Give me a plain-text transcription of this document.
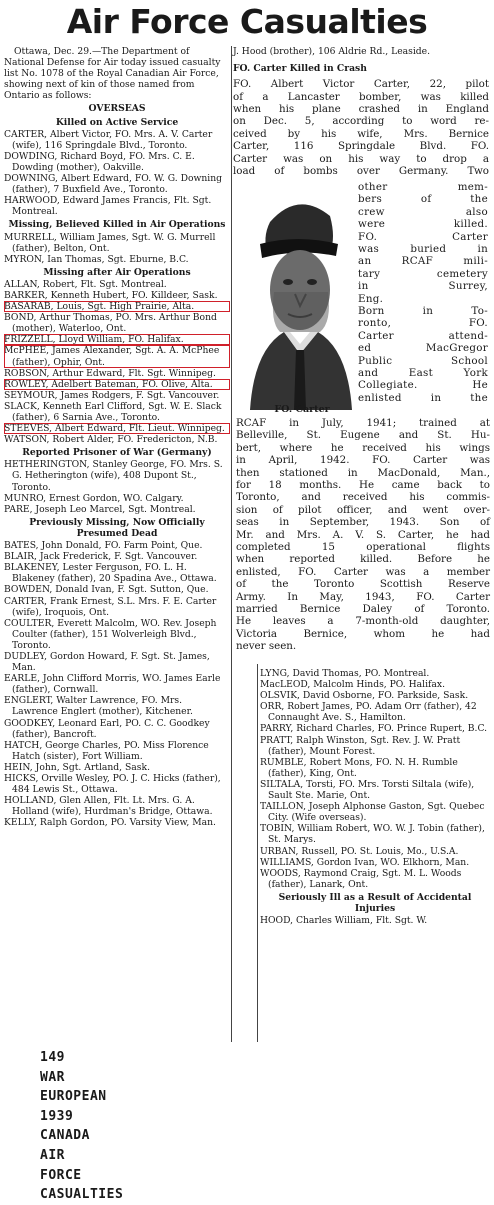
Air Force Casualties

Ottawa, Dec. 29.—The Department of National Defense for Air today issued casualty list No. 1078 of the Royal Canadian Air Force, showing next of kin of those named from Ontario as follows:

OVERSEAS

Killed on Active Service

CARTER, Albert Victor, FO. Mrs. A. V. Carter (wife), 116 Springdale Blvd., Toronto.

DOWDING, Richard Boyd, FO. Mrs. C. E. Dowding (mother), Oakville.

DOWNING, Albert Edward, FO. W. G. Downing (father), 7 Buxfield Ave., Toronto.

HARWOOD, Edward James Francis, Flt. Sgt. Montreal.

Missing, Believed Killed in Air Operations

MURRELL, William James, Sgt. W. G. Murrell (father), Belton, Ont.

MYRON, Ian Thomas, Sgt. Eburne, B.C.

Missing after Air Operations

ALLAN, Robert, Flt. Sgt. Montreal.

BARKER, Kenneth Hubert, FO. Killdeer, Sask.

BASARAB, Louis, Sgt. High Prairie, Alta.

BOND, Arthur Thomas, PO. Mrs. Arthur Bond (mother), Waterloo, Ont.

FRIZZELL, Lloyd William, FO. Halifax.

McPHEE, James Alexander, Sgt. A. A. McPhee (father), Ophir, Ont.

ROBSON, Arthur Edward, Flt. Sgt. Winnipeg.

ROWLEY, Adelbert Bateman, FO. Olive, Alta.

SEYMOUR, James Rodgers, F. Sgt. Vancouver.

SLACK, Kenneth Earl Clifford, Sgt. W. E. Slack (father), 6 Sarnia Ave., Toronto.

STEEVES, Albert Edward, Flt. Lieut. Winnipeg.

WATSON, Robert Alder, FO. Fredericton, N.B.

Reported Prisoner of War (Germany)

HETHERINGTON, Stanley George, FO. Mrs. S. G. Hetherington (wife), 408 Dupont St., Toronto.

MUNRO, Ernest Gordon, WO. Calgary.

PARE, Joseph Leo Marcel, Sgt. Montreal.

Previously Missing, Now Officially Presumed Dead

BATES, John Donald, FO. Farm Point, Que.

BLAIR, Jack Frederick, F. Sgt. Vancouver.

BLAKENEY, Lester Ferguson, FO. L. H. Blakeney (father), 20 Spadina Ave., Ottawa.

BOWDEN, Donald Ivan, F. Sgt. Sutton, Que.

CARTER, Frank Ernest, S.L. Mrs. F. E. Carter (wife), Iroquois, Ont.

COULTER, Everett Malcolm, WO. Rev. Joseph Coulter (father), 151 Wolverleigh Blvd., Toronto.

DUDLEY, Gordon Howard, F. Sgt. St. James, Man.

EARLE, John Clifford Morris, WO. James Earle (father), Cornwall.

ENGLERT, Walter Lawrence, FO. Mrs. Lawrence Englert (mother), Kitchener.

GOODKEY, Leonard Earl, PO. C. C. Goodkey (father), Bancroft.

HATCH, George Charles, PO. Miss Florence Hatch (sister), Fort William.

HEIN, John, Sgt. Artland, Sask.

HICKS, Orville Wesley, PO. J. C. Hicks (father), 484 Lewis St., Ottawa.

HOLLAND, Glen Allen, Flt. Lt. Mrs. G. A. Holland (wife), Hurdman's Bridge, Ottawa.

KELLY, Ralph Gordon, PO. Varsity View, Man.

J. Hood (brother), 106 Aldrie Rd., Leaside.

FO. Carter Killed in Crash

FO. Albert Victor Carter, 22, pilot
of a Lancaster bomber, was killed
when his plane crashed in England
on Dec. 5, according to word re-
ceived by his wife, Mrs. Bernice
Carter, 116 Springdale Blvd. FO.
Carter was on his way to drop a
load of bombs over Germany. Two
FO. Carter
other mem-
bers of the
crew also
were killed.
FO. Carter
was buried in
an RCAF mili-
tary cemetery
in Surrey,
Eng.
Born in To-
ronto, FO.
Carter attend-
ed MacGregor
Public School
and East York
Collegiate. He
enlisted in the
RCAF in July, 1941; trained at
Belleville, St. Eugene and St. Hu-
bert, where he received his wings
in April, 1942. FO. Carter was
then stationed in MacDonald, Man.,
for 18 months. He came back to
Toronto, and received his commis-
sion of pilot officer, and went over-
seas in September, 1943. Son of
Mr. and Mrs. A. V. S. Carter, he had
completed 15 operational flights
when reported killed. Before he
enlisted, FO. Carter was a member
of the Toronto Scottish Reserve
Army. In May, 1943, FO. Carter
married Bernice Daley of Toronto.
He leaves a 7-month-old daughter,
Victoria Bernice, whom he had
never seen.

LYNG, David Thomas, PO. Montreal.

MacLEOD, Malcolm Hinds, PO. Halifax.

OLSVIK, David Osborne, FO. Parkside, Sask.

ORR, Robert James, PO. Adam Orr (father), 42 Connaught Ave. S., Hamilton.

PARRY, Richard Charles, FO. Prince Rupert, B.C.

PRATT, Ralph Winston, Sgt. Rev. J. W. Pratt (father), Mount Forest.

RUMBLE, Robert Mons, FO. N. H. Rumble (father), King, Ont.

SILTALA, Torsti, FO. Mrs. Torsti Siltala (wife), Sault Ste. Marie, Ont.

TAILLON, Joseph Alphonse Gaston, Sgt. Quebec City. (Wife overseas).

TOBIN, William Robert, WO. W. J. Tobin (father), St. Marys.

URBAN, Russell, PO. St. Louis, Mo., U.S.A.

WILLIAMS, Gordon Ivan, WO. Elkhorn, Man.

WOODS, Raymond Craig, Sgt. M. L. Woods (father), Lanark, Ont.

Seriously Ill as a Result of Accidental Injuries

HOOD, Charles William, Flt. Sgt. W.

149
WAR
EUROPEAN
1939
CANADA
AIR
FORCE
CASUALTIES
